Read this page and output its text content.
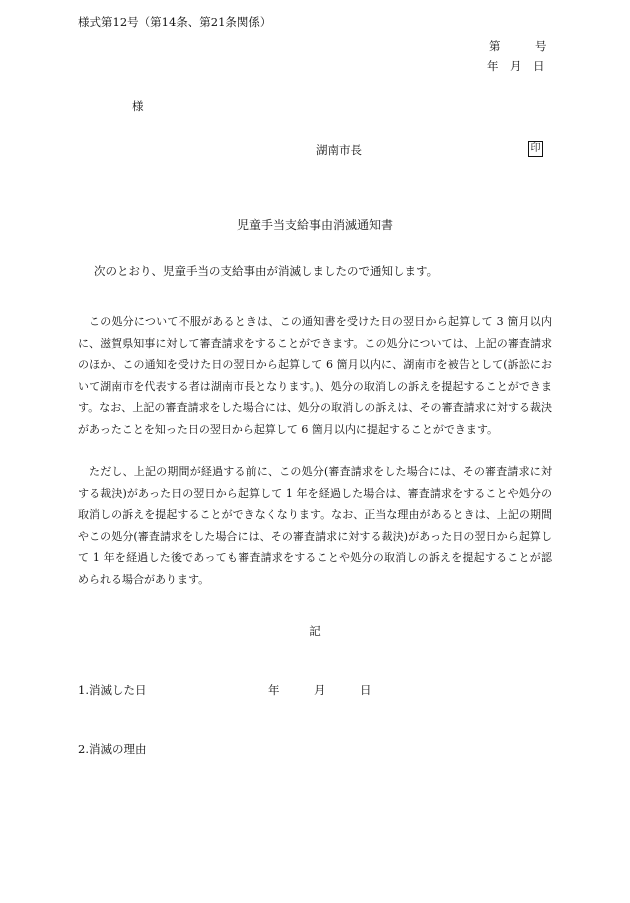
様式第12号（第14条、第21条関係）
第　　　号
年　月　日
様
湖南市長	印
児童手当支給事由消滅通知書
次のとおり、児童手当の支給事由が消滅しましたので通知します。
この処分について不服があるときは、この通知書を受けた日の翌日から起算して 3 箇月以内に、滋賀県知事に対して審査請求をすることができます。この処分については、上記の審査請求のほか、この通知を受けた日の翌日から起算して 6 箇月以内に、湖南市を被告として(訴訟において湖南市を代表する者は湖南市長となります。)、処分の取消しの訴えを提起することができます。なお、上記の審査請求をした場合には、処分の取消しの訴えは、その審査請求に対する裁決があったことを知った日の翌日から起算して 6 箇月以内に提起することができます。
ただし、上記の期間が経過する前に、この処分(審査請求をした場合には、その審査請求に対する裁決)があった日の翌日から起算して 1 年を経過した場合は、審査請求をすることや処分の取消しの訴えを提起することができなくなります。なお、正当な理由があるときは、上記の期間やこの処分(審査請求をした場合には、その審査請求に対する裁決)があった日の翌日から起算して 1 年を経過した後であっても審査請求をすることや処分の取消しの訴えを提起することが認められる場合があります。
記
1.消滅した日	年　　　月　　　日
2.消滅の理由
